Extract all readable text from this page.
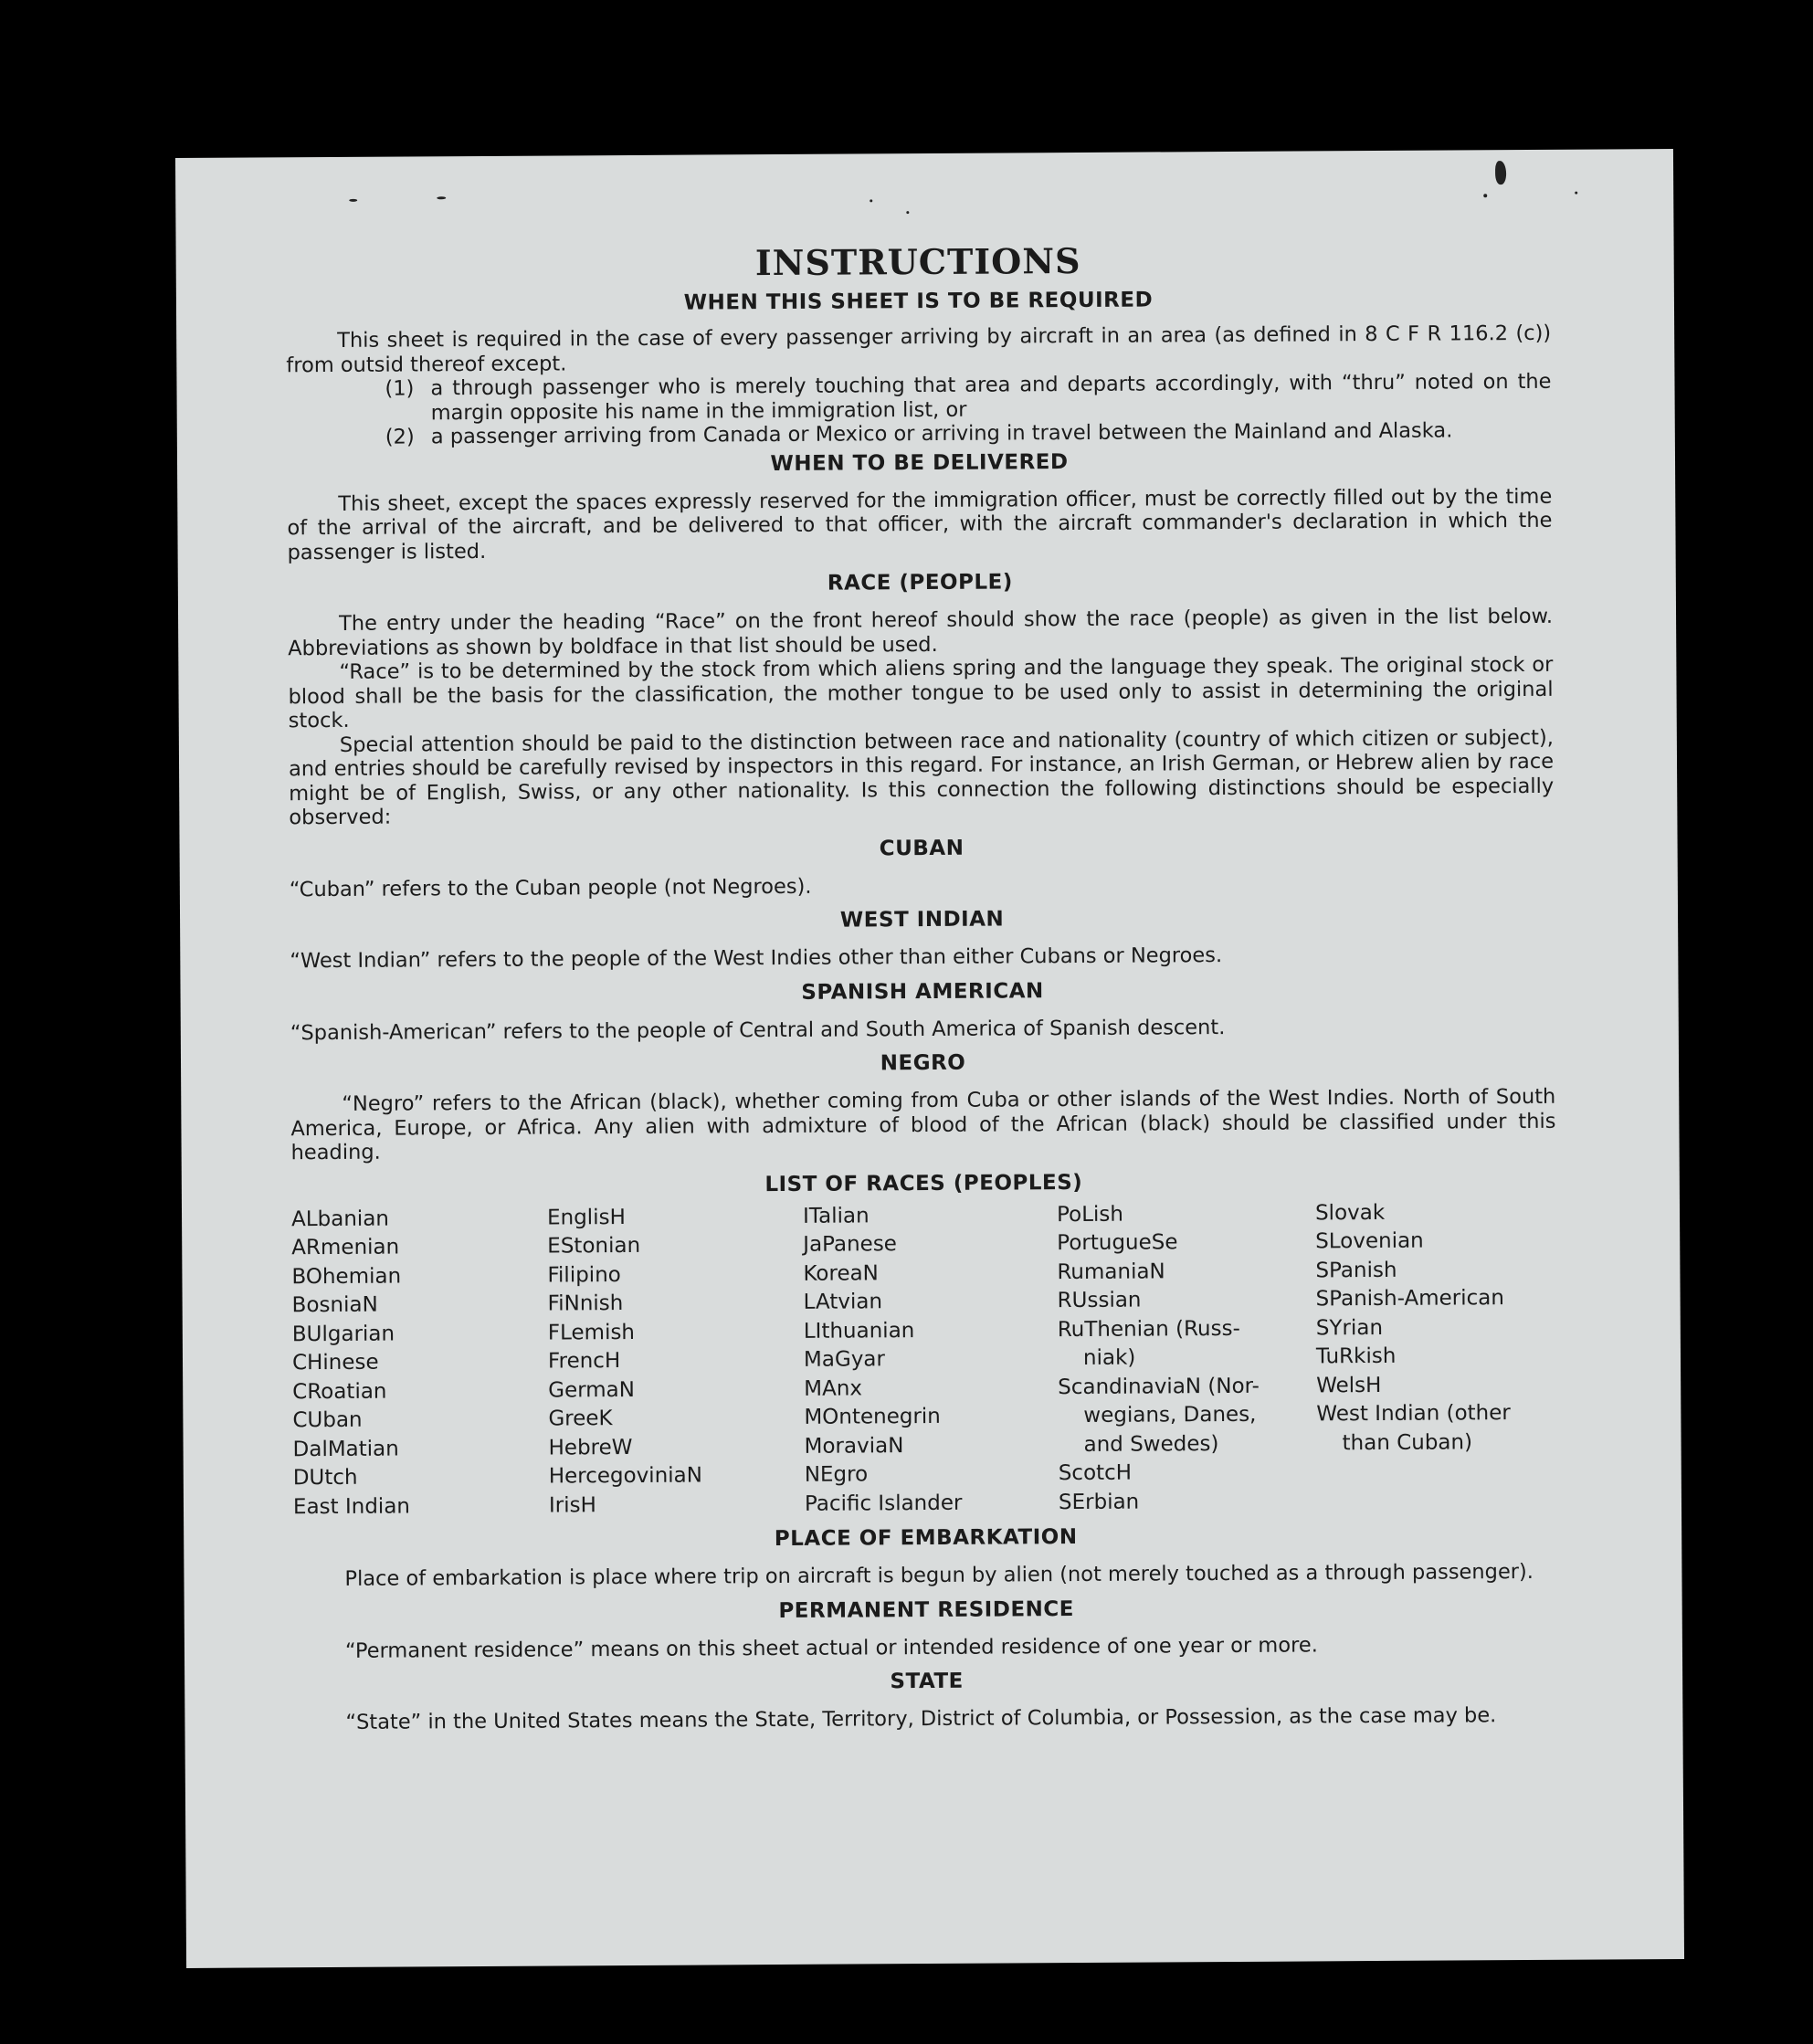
INSTRUCTIONS
WHEN THIS SHEET IS TO BE REQUIRED

This sheet is required in the case of every passenger arriving by aircraft in an area (as defined in 8 C F R 116.2 (c)) from outsid thereof except.

(1) a through passenger who is merely touching that area and departs accordingly, with “thru” noted on the margin opposite his name in the immigration list, or
(2) a passenger arriving from Canada or Mexico or arriving in travel between the Mainland and Alaska.
WHEN TO BE DELIVERED

This sheet, except the spaces expressly reserved for the immigration officer, must be correctly filled out by the time of the arrival of the aircraft, and be delivered to that officer, with the aircraft commander's declaration in which the passenger is listed.

RACE (PEOPLE)

The entry under the heading “Race” on the front hereof should show the race (people) as given in the list below. Abbreviations as shown by boldface in that list should be used.

“Race” is to be determined by the stock from which aliens spring and the language they speak. The original stock or blood shall be the basis for the classification, the mother tongue to be used only to assist in determining the original stock.

Special attention should be paid to the distinction between race and nationality (country of which citizen or subject), and entries should be carefully revised by inspectors in this regard. For instance, an Irish German, or Hebrew alien by race might be of English, Swiss, or any other nationality. Is this connection the following distinctions should be especially observed:

CUBAN

“Cuban” refers to the Cuban people (not Negroes).

WEST INDIAN

“West Indian” refers to the people of the West Indies other than either Cubans or Negroes.

SPANISH AMERICAN

“Spanish-American” refers to the people of Central and South America of Spanish descent.

NEGRO

“Negro” refers to the African (black), whether coming from Cuba or other islands of the West Indies. North of South America, Europe, or Africa. Any alien with admixture of blood of the African (black) should be classified under this heading.

LIST OF RACES (PEOPLES)
ALbanian
ARmenian
BOhemian
BosniaN
BUlgarian
CHinese
CRoatian
CUban
DalMatian
DUtch
East Indian
EnglisH
EStonian
Filipino
FiNnish
FLemish
FrencH
GermaN
GreeK
HebreW
HercegoviniaN
IrisH
ITalian
JaPanese
KoreaN
LAtvian
LIthuanian
MaGyar
MAnx
MOntenegrin
MoraviaN
NEgro
Pacific Islander
PoLish
PortugueSe
RumaniaN
RUssian
RuThenian (Russ-
niak)
ScandinaviaN (Nor-
wegians, Danes,
and Swedes)
ScotcH
SErbian
Slovak
SLovenian
SPanish
SPanish-American
SYrian
TuRkish
WelsH
West Indian (other
than Cuban)
PLACE OF EMBARKATION

Place of embarkation is place where trip on aircraft is begun by alien (not merely touched as a through passenger).

PERMANENT RESIDENCE

“Permanent residence” means on this sheet actual or intended residence of one year or more.

STATE

“State” in the United States means the State, Territory, District of Columbia, or Possession, as the case may be.
